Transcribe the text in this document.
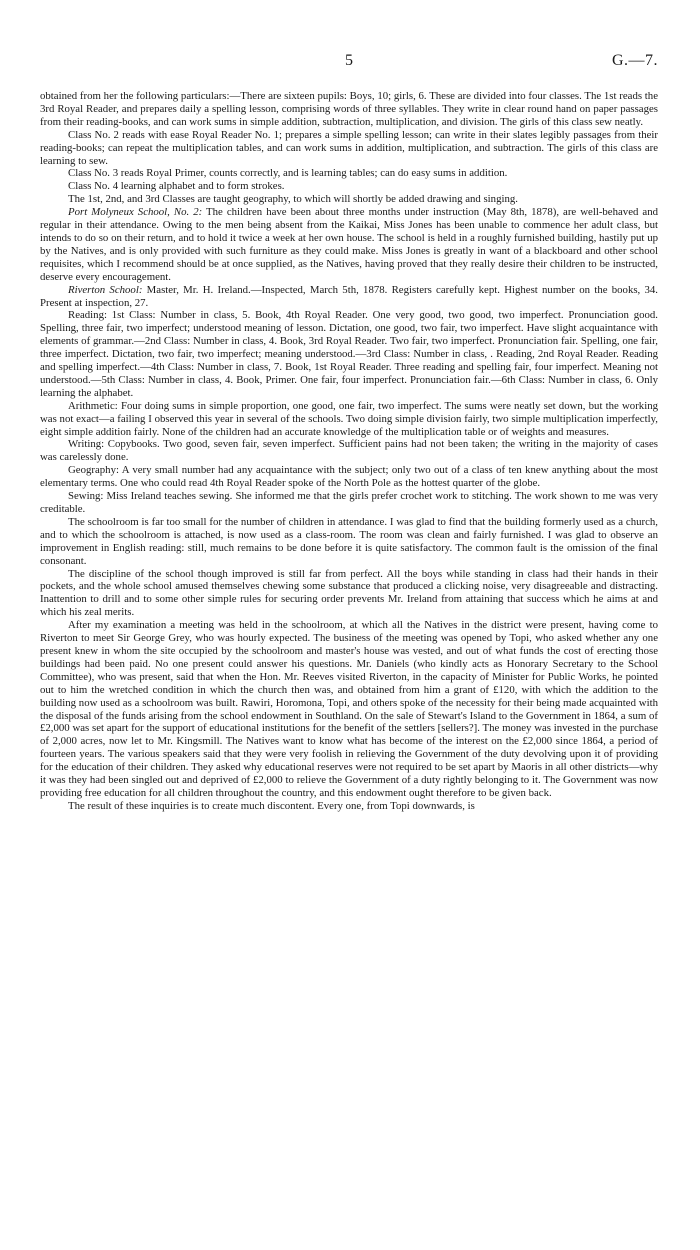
5	G.—7.

obtained from her the following particulars:—There are sixteen pupils: Boys, 10; girls, 6. These are divided into four classes. The 1st reads the 3rd Royal Reader, and prepares daily a spelling lesson, comprising words of three syllables. They write in clear round hand on paper passages from their reading-books, and can work sums in simple addition, subtraction, multiplication, and division. The girls of this class sew neatly.

Class No. 2 reads with ease Royal Reader No. 1; prepares a simple spelling lesson; can write in their slates legibly passages from their reading-books; can repeat the multiplication tables, and can work sums in addition, multiplication, and subtraction. The girls of this class are learning to sew.

Class No. 3 reads Royal Primer, counts correctly, and is learning tables; can do easy sums in addition.

Class No. 4 learning alphabet and to form strokes.

The 1st, 2nd, and 3rd Classes are taught geography, to which will shortly be added drawing and singing.

Port Molyneux School, No. 2: The children have been about three months under instruction (May 8th, 1878), are well-behaved and regular in their attendance. Owing to the men being absent from the Kaikai, Miss Jones has been unable to commence her adult class, but intends to do so on their return, and to hold it twice a week at her own house. The school is held in a roughly furnished building, hastily put up by the Natives, and is only provided with such furniture as they could make. Miss Jones is greatly in want of a blackboard and other school requisites, which I recommend should be at once supplied, as the Natives, having proved that they really desire their children to be instructed, deserve every encouragement.

Riverton School: Master, Mr. H. Ireland.—Inspected, March 5th, 1878. Registers carefully kept. Highest number on the books, 34. Present at inspection, 27.

Reading: 1st Class: Number in class, 5. Book, 4th Royal Reader. One very good, two good, two imperfect. Pronunciation good. Spelling, three fair, two imperfect; understood meaning of lesson. Dictation, one good, two fair, two imperfect. Have slight acquaintance with elements of grammar.—2nd Class: Number in class, 4. Book, 3rd Royal Reader. Two fair, two imperfect. Pronunciation fair. Spelling, one fair, three imperfect. Dictation, two fair, two imperfect; meaning understood.—3rd Class: Number in class, . Reading, 2nd Royal Reader. Reading and spelling imperfect.—4th Class: Number in class, 7. Book, 1st Royal Reader. Three reading and spelling fair, four imperfect. Meaning not understood.—5th Class: Number in class, 4. Book, Primer. One fair, four imperfect. Pronunciation fair.—6th Class: Number in class, 6. Only learning the alphabet.

Arithmetic: Four doing sums in simple proportion, one good, one fair, two imperfect. The sums were neatly set down, but the working was not exact—a failing I observed this year in several of the schools. Two doing simple division fairly, two simple multiplication imperfectly, eight simple addition fairly. None of the children had an accurate knowledge of the multiplication table or of weights and measures.

Writing: Copybooks. Two good, seven fair, seven imperfect. Sufficient pains had not been taken; the writing in the majority of cases was carelessly done.

Geography: A very small number had any acquaintance with the subject; only two out of a class of ten knew anything about the most elementary terms. One who could read 4th Royal Reader spoke of the North Pole as the hottest quarter of the globe.

Sewing: Miss Ireland teaches sewing. She informed me that the girls prefer crochet work to stitching. The work shown to me was very creditable.

The schoolroom is far too small for the number of children in attendance. I was glad to find that the building formerly used as a church, and to which the schoolroom is attached, is now used as a class-room. The room was clean and fairly furnished. I was glad to observe an improvement in English reading: still, much remains to be done before it is quite satisfactory. The common fault is the omission of the final consonant.

The discipline of the school though improved is still far from perfect. All the boys while standing in class had their hands in their pockets, and the whole school amused themselves chewing some substance that produced a clicking noise, very disagreeable and distracting. Inattention to drill and to some other simple rules for securing order prevents Mr. Ireland from attaining that success which he aims at and which his zeal merits.

After my examination a meeting was held in the schoolroom, at which all the Natives in the district were present, having come to Riverton to meet Sir George Grey, who was hourly expected. The business of the meeting was opened by Topi, who asked whether any one present knew in whom the site occupied by the schoolroom and master's house was vested, and out of what funds the cost of erecting those buildings had been paid. No one present could answer his questions. Mr. Daniels (who kindly acts as Honorary Secretary to the School Committee), who was present, said that when the Hon. Mr. Reeves visited Riverton, in the capacity of Minister for Public Works, he pointed out to him the wretched condition in which the church then was, and obtained from him a grant of £120, with which the addition to the building now used as a schoolroom was built. Rawiri, Horomona, Topi, and others spoke of the necessity for their being made acquainted with the disposal of the funds arising from the school endowment in Southland. On the sale of Stewart's Island to the Government in 1864, a sum of £2,000 was set apart for the support of educational institutions for the benefit of the settlers [sellers?]. The money was invested in the purchase of 2,000 acres, now let to Mr. Kingsmill. The Natives want to know what has become of the interest on the £2,000 since 1864, a period of fourteen years. The various speakers said that they were very foolish in relieving the Government of the duty devolving upon it of providing for the education of their children. They asked why educational reserves were not required to be set apart by Maoris in all other districts—why it was they had been singled out and deprived of £2,000 to relieve the Government of a duty rightly belonging to it. The Government was now providing free education for all children throughout the country, and this endowment ought therefore to be given back.

The result of these inquiries is to create much discontent. Every one, from Topi downwards, is
